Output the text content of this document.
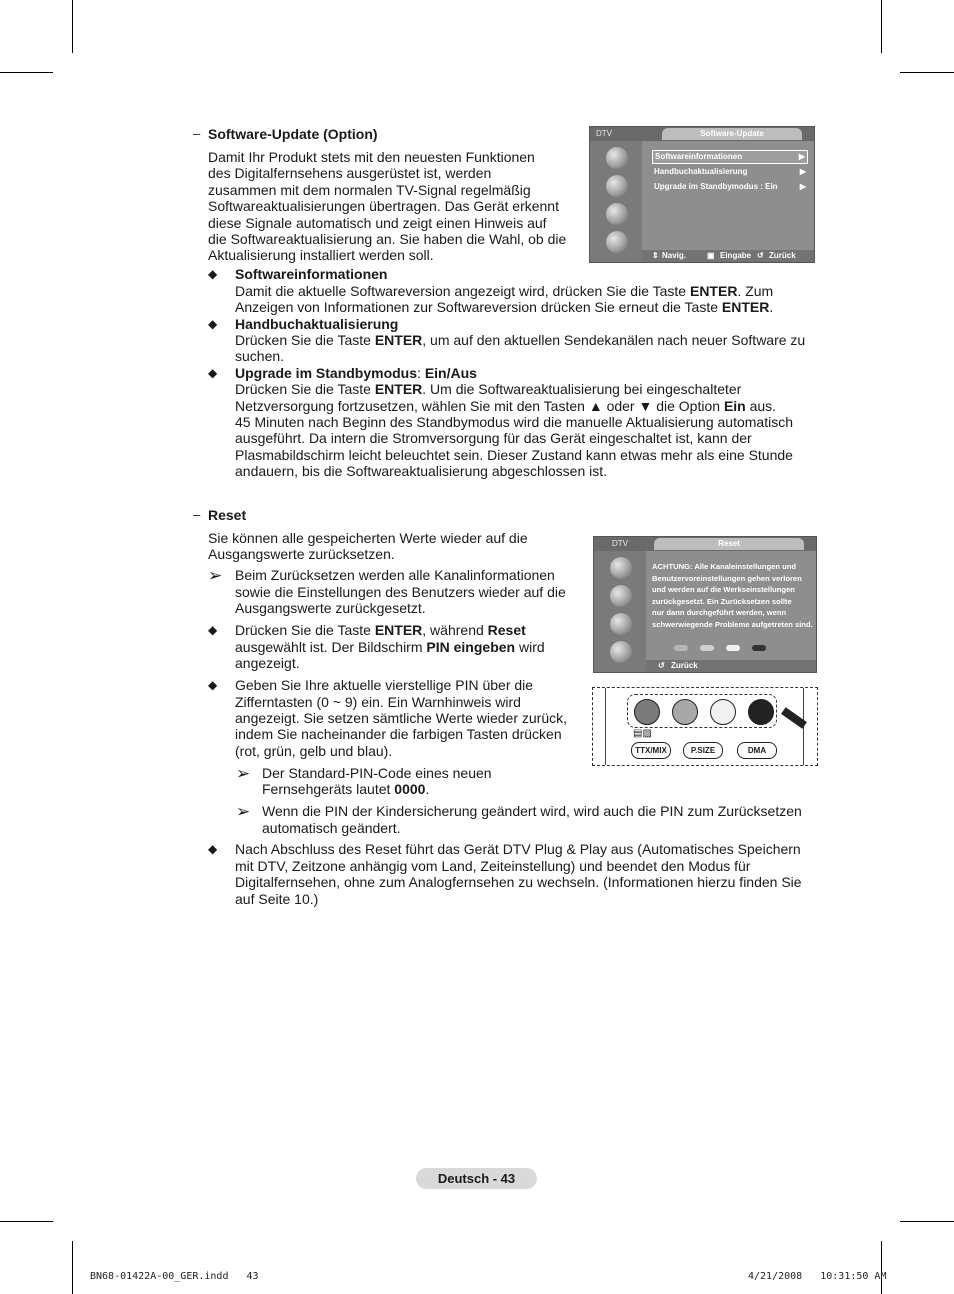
– Software-Update (Option)
Damit Ihr Produkt stets mit den neuesten Funktionen
des Digitalfernsehens ausgerüstet ist, werden
zusammen mit dem normalen TV-Signal regelmäßig
Softwareaktualisierungen übertragen. Das Gerät erkennt
diese Signale automatisch und zeigt einen Hinweis auf
die Softwareaktualisierung an. Sie haben die Wahl, ob die
Aktualisierung installiert werden soll.
◆ Softwareinformationen
Damit die aktuelle Softwareversion angezeigt wird, drücken Sie die Taste ENTER. Zum
Anzeigen von Informationen zur Softwareversion drücken Sie erneut die Taste ENTER.
◆ Handbuchaktualisierung
Drücken Sie die Taste ENTER, um auf den aktuellen Sendekanälen nach neuer Software zu
suchen.
◆ Upgrade im Standbymodus: Ein/Aus
Drücken Sie die Taste ENTER. Um die Softwareaktualisierung bei eingeschalteter
Netzversorgung fortzusetzen, wählen Sie mit den Tasten ▲ oder ▼ die Option Ein aus.
45 Minuten nach Beginn des Standbymodus wird die manuelle Aktualisierung automatisch
ausgeführt. Da intern die Stromversorgung für das Gerät eingeschaltet ist, kann der
Plasmabildschirm leicht beleuchtet sein. Dieser Zustand kann etwas mehr als eine Stunde
andauern, bis die Softwareaktualisierung abgeschlossen ist.
DTV	Software-Update
Softwareinformationen	▶
Handbuchaktualisierung	▶
Upgrade im Standbymodus : Ein	▶
⇕ Navig.	▣ Eingabe ↺ Zurück
– Reset
Sie können alle gespeicherten Werte wieder auf die
Ausgangswerte zurücksetzen.
➢ Beim Zurücksetzen werden alle Kanalinformationen
sowie die Einstellungen des Benutzers wieder auf die
Ausgangswerte zurückgesetzt.
◆ Drücken Sie die Taste ENTER, während Reset
ausgewählt ist. Der Bildschirm PIN eingeben wird
angezeigt.
◆ Geben Sie Ihre aktuelle vierstellige PIN über die
Zifferntasten (0 ~ 9) ein. Ein Warnhinweis wird
angezeigt. Sie setzen sämtliche Werte wieder zurück,
indem Sie nacheinander die farbigen Tasten drücken
(rot, grün, gelb und blau).
➢ Der Standard-PIN-Code eines neuen
Fernsehgeräts lautet 0000.
➢ Wenn die PIN der Kindersicherung geändert wird, wird auch die PIN zum Zurücksetzen
automatisch geändert.
◆ Nach Abschluss des Reset führt das Gerät DTV Plug & Play aus (Automatisches Speichern
mit DTV, Zeitzone anhängig vom Land, Zeiteinstellung) und beendet den Modus für
Digitalfernsehen, ohne zum Analogfernsehen zu wechseln. (Informationen hierzu finden Sie
auf Seite 10.)
DTV	Reset
ACHTUNG: Alle Kanaleinstellungen und
Benutzervoreinstellungen gehen verloren
und werden auf die Werkseinstellungen
zurückgesetzt. Ein Zurücksetzen sollte
nur dann durchgeführt werden, wenn
schwerwiegende Probleme aufgetreten sind.
↺ Zurück
▤▨
TTX/MIX	P.SIZE	DMA
Deutsch - 43
BN68-01422A-00_GER.indd   43	4/21/2008   10:31:50 AM
